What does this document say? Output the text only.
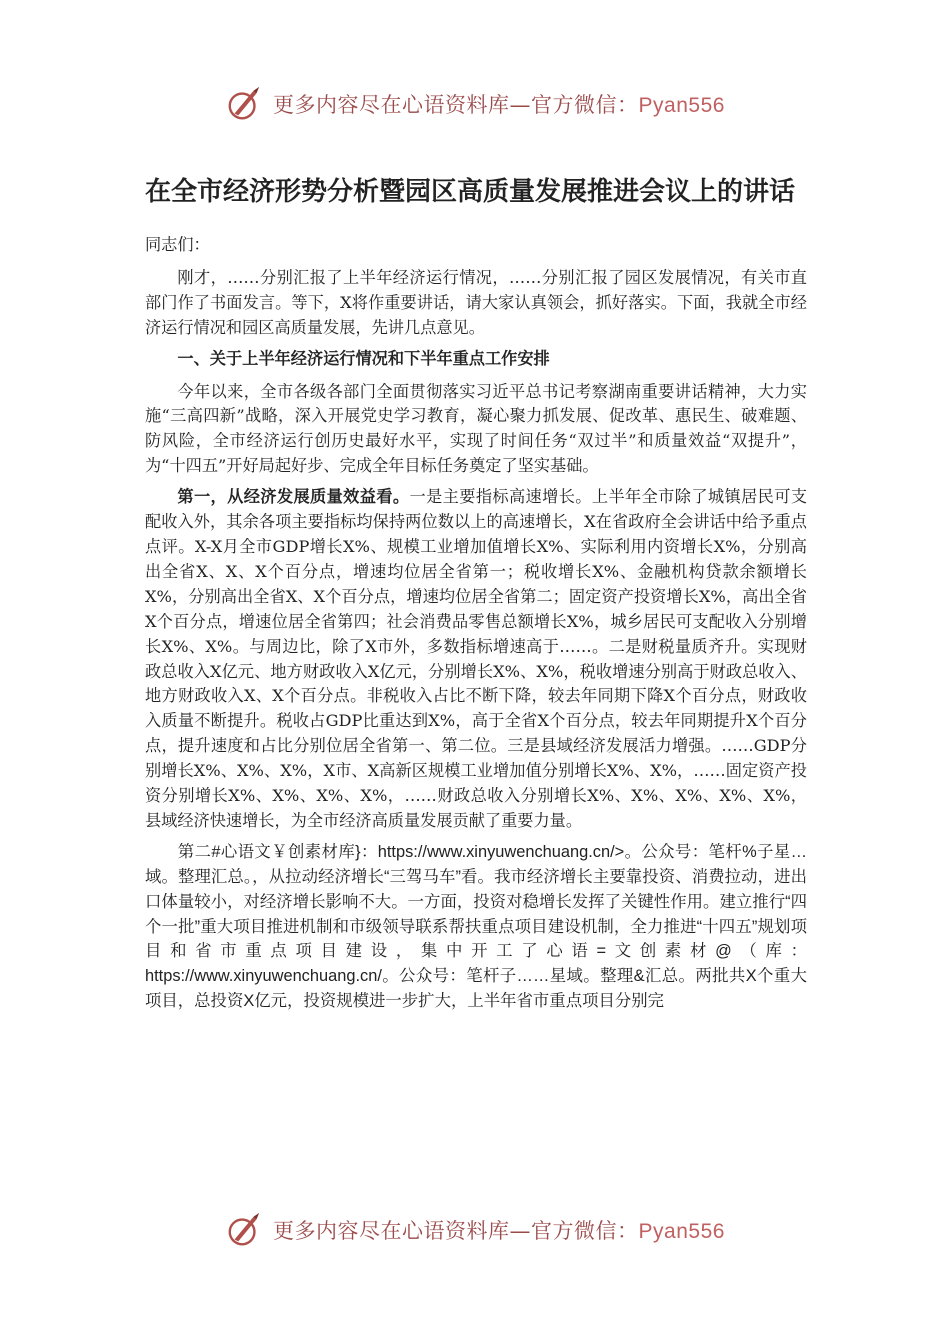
更多内容尽在心语资料库—官方微信：Pyan556
在全市经济形势分析暨园区高质量发展推进会议上的讲话

同志们：

刚才，……分别汇报了上半年经济运行情况，……分别汇报了园区发展情况，有关市直部门作了书面发言。等下，X将作重要讲话，请大家认真领会，抓好落实。下面，我就全市经济运行情况和园区高质量发展，先讲几点意见。

一、关于上半年经济运行情况和下半年重点工作安排

今年以来，全市各级各部门全面贯彻落实习近平总书记考察湖南重要讲话精神，大力实施“三高四新”战略，深入开展党史学习教育，凝心聚力抓发展、促改革、惠民生、破难题、防风险，全市经济运行创历史最好水平，实现了时间任务“双过半”和质量效益“双提升”，为“十四五”开好局起好步、完成全年目标任务奠定了坚实基础。

第一，从经济发展质量效益看。一是主要指标高速增长。上半年全市除了城镇居民可支配收入外，其余各项主要指标均保持两位数以上的高速增长，X在省政府全会讲话中给予重点点评。X-X月全市GDP增长X%、规模工业增加值增长X%、实际利用内资增长X%，分别高出全省X、X、X个百分点，增速均位居全省第一；税收增长X%、金融机构贷款余额增长X%，分别高出全省X、X个百分点，增速均位居全省第二；固定资产投资增长X%，高出全省X个百分点，增速位居全省第四；社会消费品零售总额增长X%，城乡居民可支配收入分别增长X%、X%。与周边比，除了X市外，多数指标增速高于……。二是财税量质齐升。实现财政总收入X亿元、地方财政收入X亿元，分别增长X%、X%，税收增速分别高于财政总收入、地方财政收入X、X个百分点。非税收入占比不断下降，较去年同期下降X个百分点，财政收入质量不断提升。税收占GDP比重达到X%，高于全省X个百分点，较去年同期提升X个百分点，提升速度和占比分别位居全省第一、第二位。三是县域经济发展活力增强。……GDP分别增长X%、X%、X%，X市、X高新区规模工业增加值分别增长X%、X%，……固定资产投资分别增长X%、X%、X%、X%，……财政总收入分别增长X%、X%、X%、X%、X%，县域经济快速增长，为全市经济高质量发展贡献了重要力量。

第二#心语文￥创素材库}：https://www.xinyuwenchuang.cn/>。公众号：笔杆%子星…域。整理汇总。，从拉动经济增长“三驾马车”看。我市经济增长主要靠投资、消费拉动，进出口体量较小，对经济增长影响不大。一方面，投资对稳增长发挥了关键性作用。建立推行“四个一批”重大项目推进机制和市级领导联系帮扶重点项目建设机制，全力推进“十四五”规划项目和省市重点项目建设，集中开工了心语=文创素材@（库：https://www.xinyuwenchuang.cn/。公众号：笔杆子……星域。整理&汇总。两批共X个重大项目，总投资X亿元，投资规模进一步扩大，上半年省市重点项目分别完

更多内容尽在心语资料库—官方微信：Pyan556
